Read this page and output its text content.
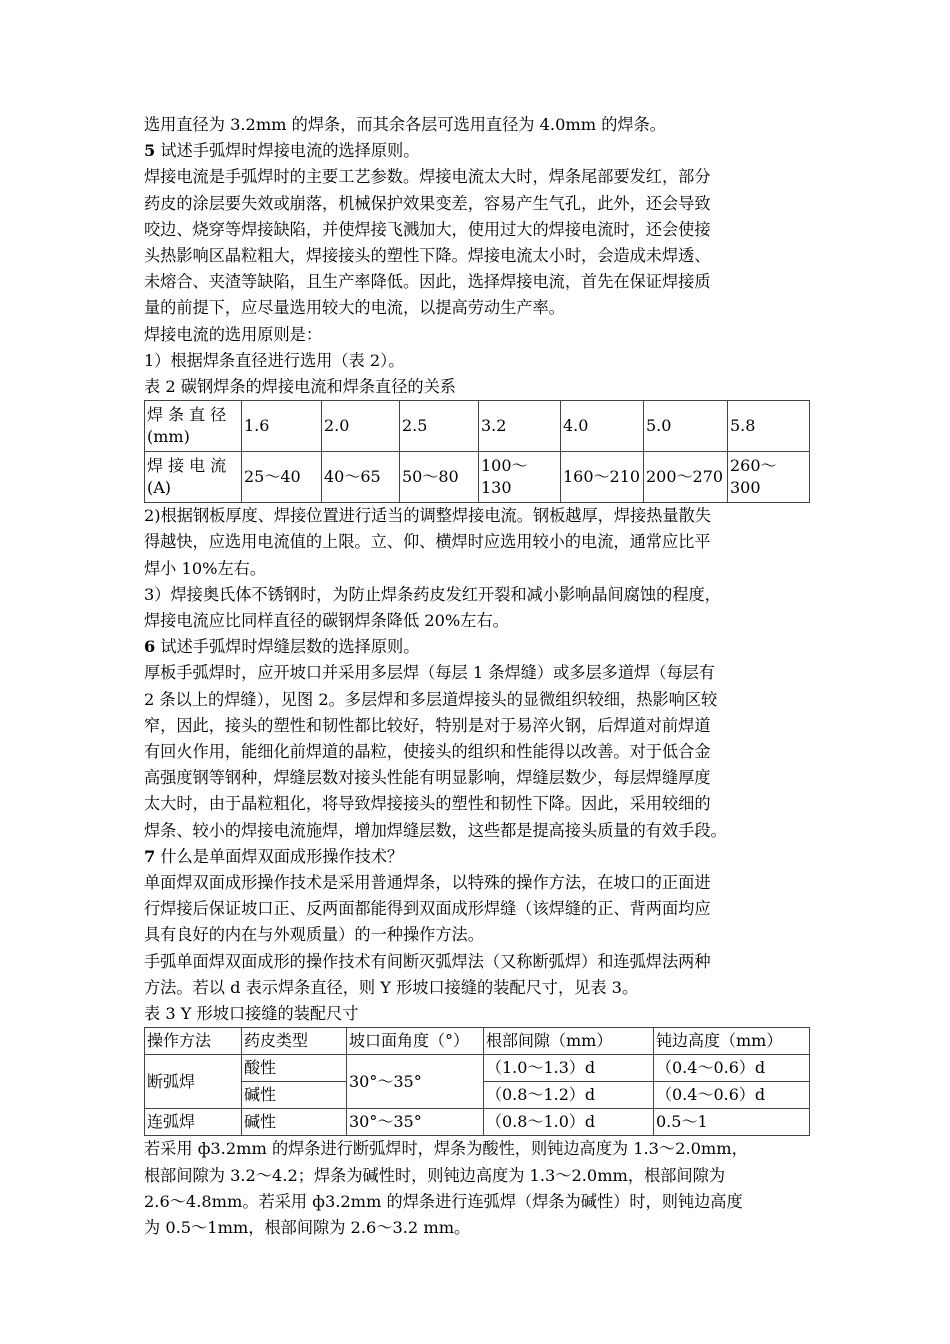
选用直径为 3.2mm 的焊条，而其余各层可选用直径为 4.0mm 的焊条。
5 试述手弧焊时焊接电流的选择原则。
焊接电流是手弧焊时的主要工艺参数。焊接电流太大时，焊条尾部要发红，部分
药皮的涂层要失效或崩落，机械保护效果变差，容易产生气孔，此外，还会导致
咬边、烧穿等焊接缺陷，并使焊接飞溅加大，使用过大的焊接电流时，还会使接
头热影响区晶粒粗大，焊接接头的塑性下降。焊接电流太小时，会造成未焊透、
未熔合、夹渣等缺陷，且生产率降低。因此，选择焊接电流，首先在保证焊接质
量的前提下，应尽量选用较大的电流，以提高劳动生产率。
焊接电流的选用原则是：
1）根据焊条直径进行选用（表 2）。
表 2 碳钢焊条的焊接电流和焊条直径的关系
焊 条 直 径
(mm)	1.6	2.0	2.5	3.2	4.0	5.0	5.8
焊 接 电 流
(A)	25～40	40～65	50～80	100～130	160～210	200～270	260～300
2)根据钢板厚度、焊接位置进行适当的调整焊接电流。钢板越厚，焊接热量散失
得越快，应选用电流值的上限。立、仰、横焊时应选用较小的电流，通常应比平
焊小 10%左右。
3）焊接奥氏体不锈钢时，为防止焊条药皮发红开裂和减小影响晶间腐蚀的程度，
焊接电流应比同样直径的碳钢焊条降低 20%左右。
6 试述手弧焊时焊缝层数的选择原则。
厚板手弧焊时，应开坡口并采用多层焊（每层 1 条焊缝）或多层多道焊（每层有
2 条以上的焊缝），见图 2。多层焊和多层道焊接头的显微组织较细，热影响区较
窄，因此，接头的塑性和韧性都比较好，特别是对于易淬火钢，后焊道对前焊道
有回火作用，能细化前焊道的晶粒，使接头的组织和性能得以改善。对于低合金
高强度钢等钢种，焊缝层数对接头性能有明显影响，焊缝层数少，每层焊缝厚度
太大时，由于晶粒粗化，将导致焊接接头的塑性和韧性下降。因此，采用较细的
焊条、较小的焊接电流施焊，增加焊缝层数，这些都是提高接头质量的有效手段。
7 什么是单面焊双面成形操作技术？
单面焊双面成形操作技术是采用普通焊条，以特殊的操作方法，在坡口的正面进
行焊接后保证坡口正、反两面都能得到双面成形焊缝（该焊缝的正、背两面均应
具有良好的内在与外观质量）的一种操作方法。
手弧单面焊双面成形的操作技术有间断灭弧焊法（又称断弧焊）和连弧焊法两种
方法。若以 d 表示焊条直径，则 Y 形坡口接缝的装配尺寸，见表 3。
表 3 Y 形坡口接缝的装配尺寸
操作方法	药皮类型	坡口面角度（°）	根部间隙（mm）	钝边高度（mm）
断弧焊	酸性	30°～35°	（1.0～1.3）d	（0.4～0.6）d
	碱性		（0.8～1.2）d	（0.4～0.6）d
连弧焊	碱性	30°～35°	（0.8～1.0）d	0.5～1
若采用 ф3.2mm 的焊条进行断弧焊时，焊条为酸性，则钝边高度为 1.3～2.0mm，
根部间隙为 3.2～4.2；焊条为碱性时，则钝边高度为 1.3～2.0mm，根部间隙为
2.6～4.8mm。若采用 ф3.2mm 的焊条进行连弧焊（焊条为碱性）时，则钝边高度
为 0.5～1mm，根部间隙为 2.6～3.2 mm。
